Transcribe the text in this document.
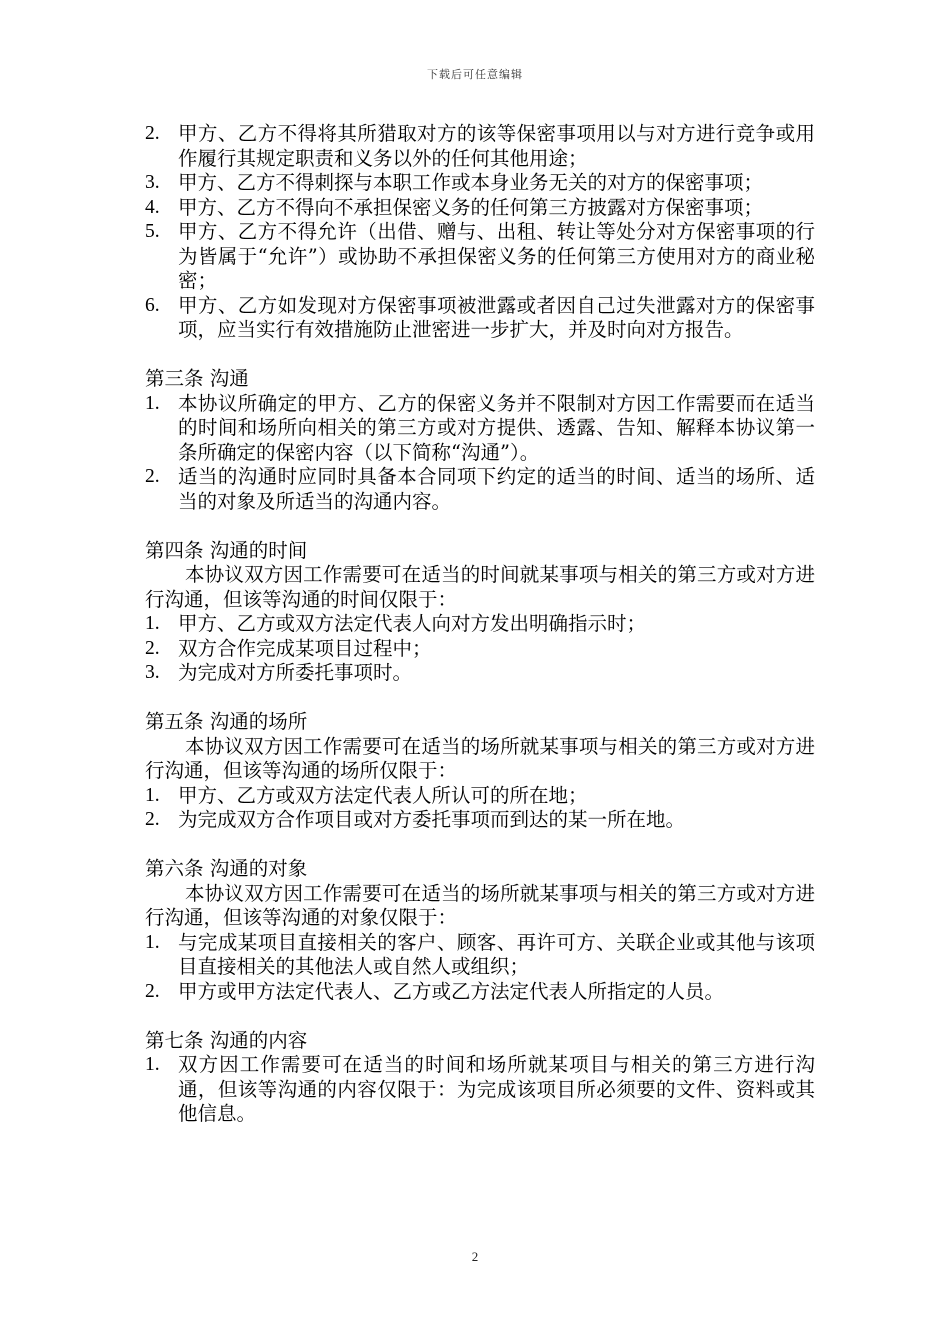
下载后可任意编辑
2. 甲方、乙方不得将其所猎取对方的该等保密事项用以与对方进行竞争或用作履行其规定职责和义务以外的任何其他用途；
3. 甲方、乙方不得刺探与本职工作或本身业务无关的对方的保密事项；
4. 甲方、乙方不得向不承担保密义务的任何第三方披露对方保密事项；
5. 甲方、乙方不得允许（出借、赠与、出租、转让等处分对方保密事项的行为皆属于“允许”）或协助不承担保密义务的任何第三方使用对方的商业秘密；
6. 甲方、乙方如发现对方保密事项被泄露或者因自己过失泄露对方的保密事项，应当实行有效措施防止泄密进一步扩大，并及时向对方报告。
第三条 沟通
1. 本协议所确定的甲方、乙方的保密义务并不限制对方因工作需要而在适当的时间和场所向相关的第三方或对方提供、透露、告知、解释本协议第一条所确定的保密内容（以下简称“沟通”）。
2. 适当的沟通时应同时具备本合同项下约定的适当的时间、适当的场所、适当的对象及所适当的沟通内容。
第四条 沟通的时间
本协议双方因工作需要可在适当的时间就某事项与相关的第三方或对方进行沟通，但该等沟通的时间仅限于：
1. 甲方、乙方或双方法定代表人向对方发出明确指示时；
2. 双方合作完成某项目过程中；
3. 为完成对方所委托事项时。
第五条 沟通的场所
本协议双方因工作需要可在适当的场所就某事项与相关的第三方或对方进行沟通，但该等沟通的场所仅限于：
1. 甲方、乙方或双方法定代表人所认可的所在地；
2. 为完成双方合作项目或对方委托事项而到达的某一所在地。
第六条 沟通的对象
本协议双方因工作需要可在适当的场所就某事项与相关的第三方或对方进行沟通，但该等沟通的对象仅限于：
1. 与完成某项目直接相关的客户、顾客、再许可方、关联企业或其他与该项目直接相关的其他法人或自然人或组织；
2. 甲方或甲方法定代表人、乙方或乙方法定代表人所指定的人员。
第七条 沟通的内容
1. 双方因工作需要可在适当的时间和场所就某项目与相关的第三方进行沟通，但该等沟通的内容仅限于：为完成该项目所必须要的文件、资料或其他信息。
2
